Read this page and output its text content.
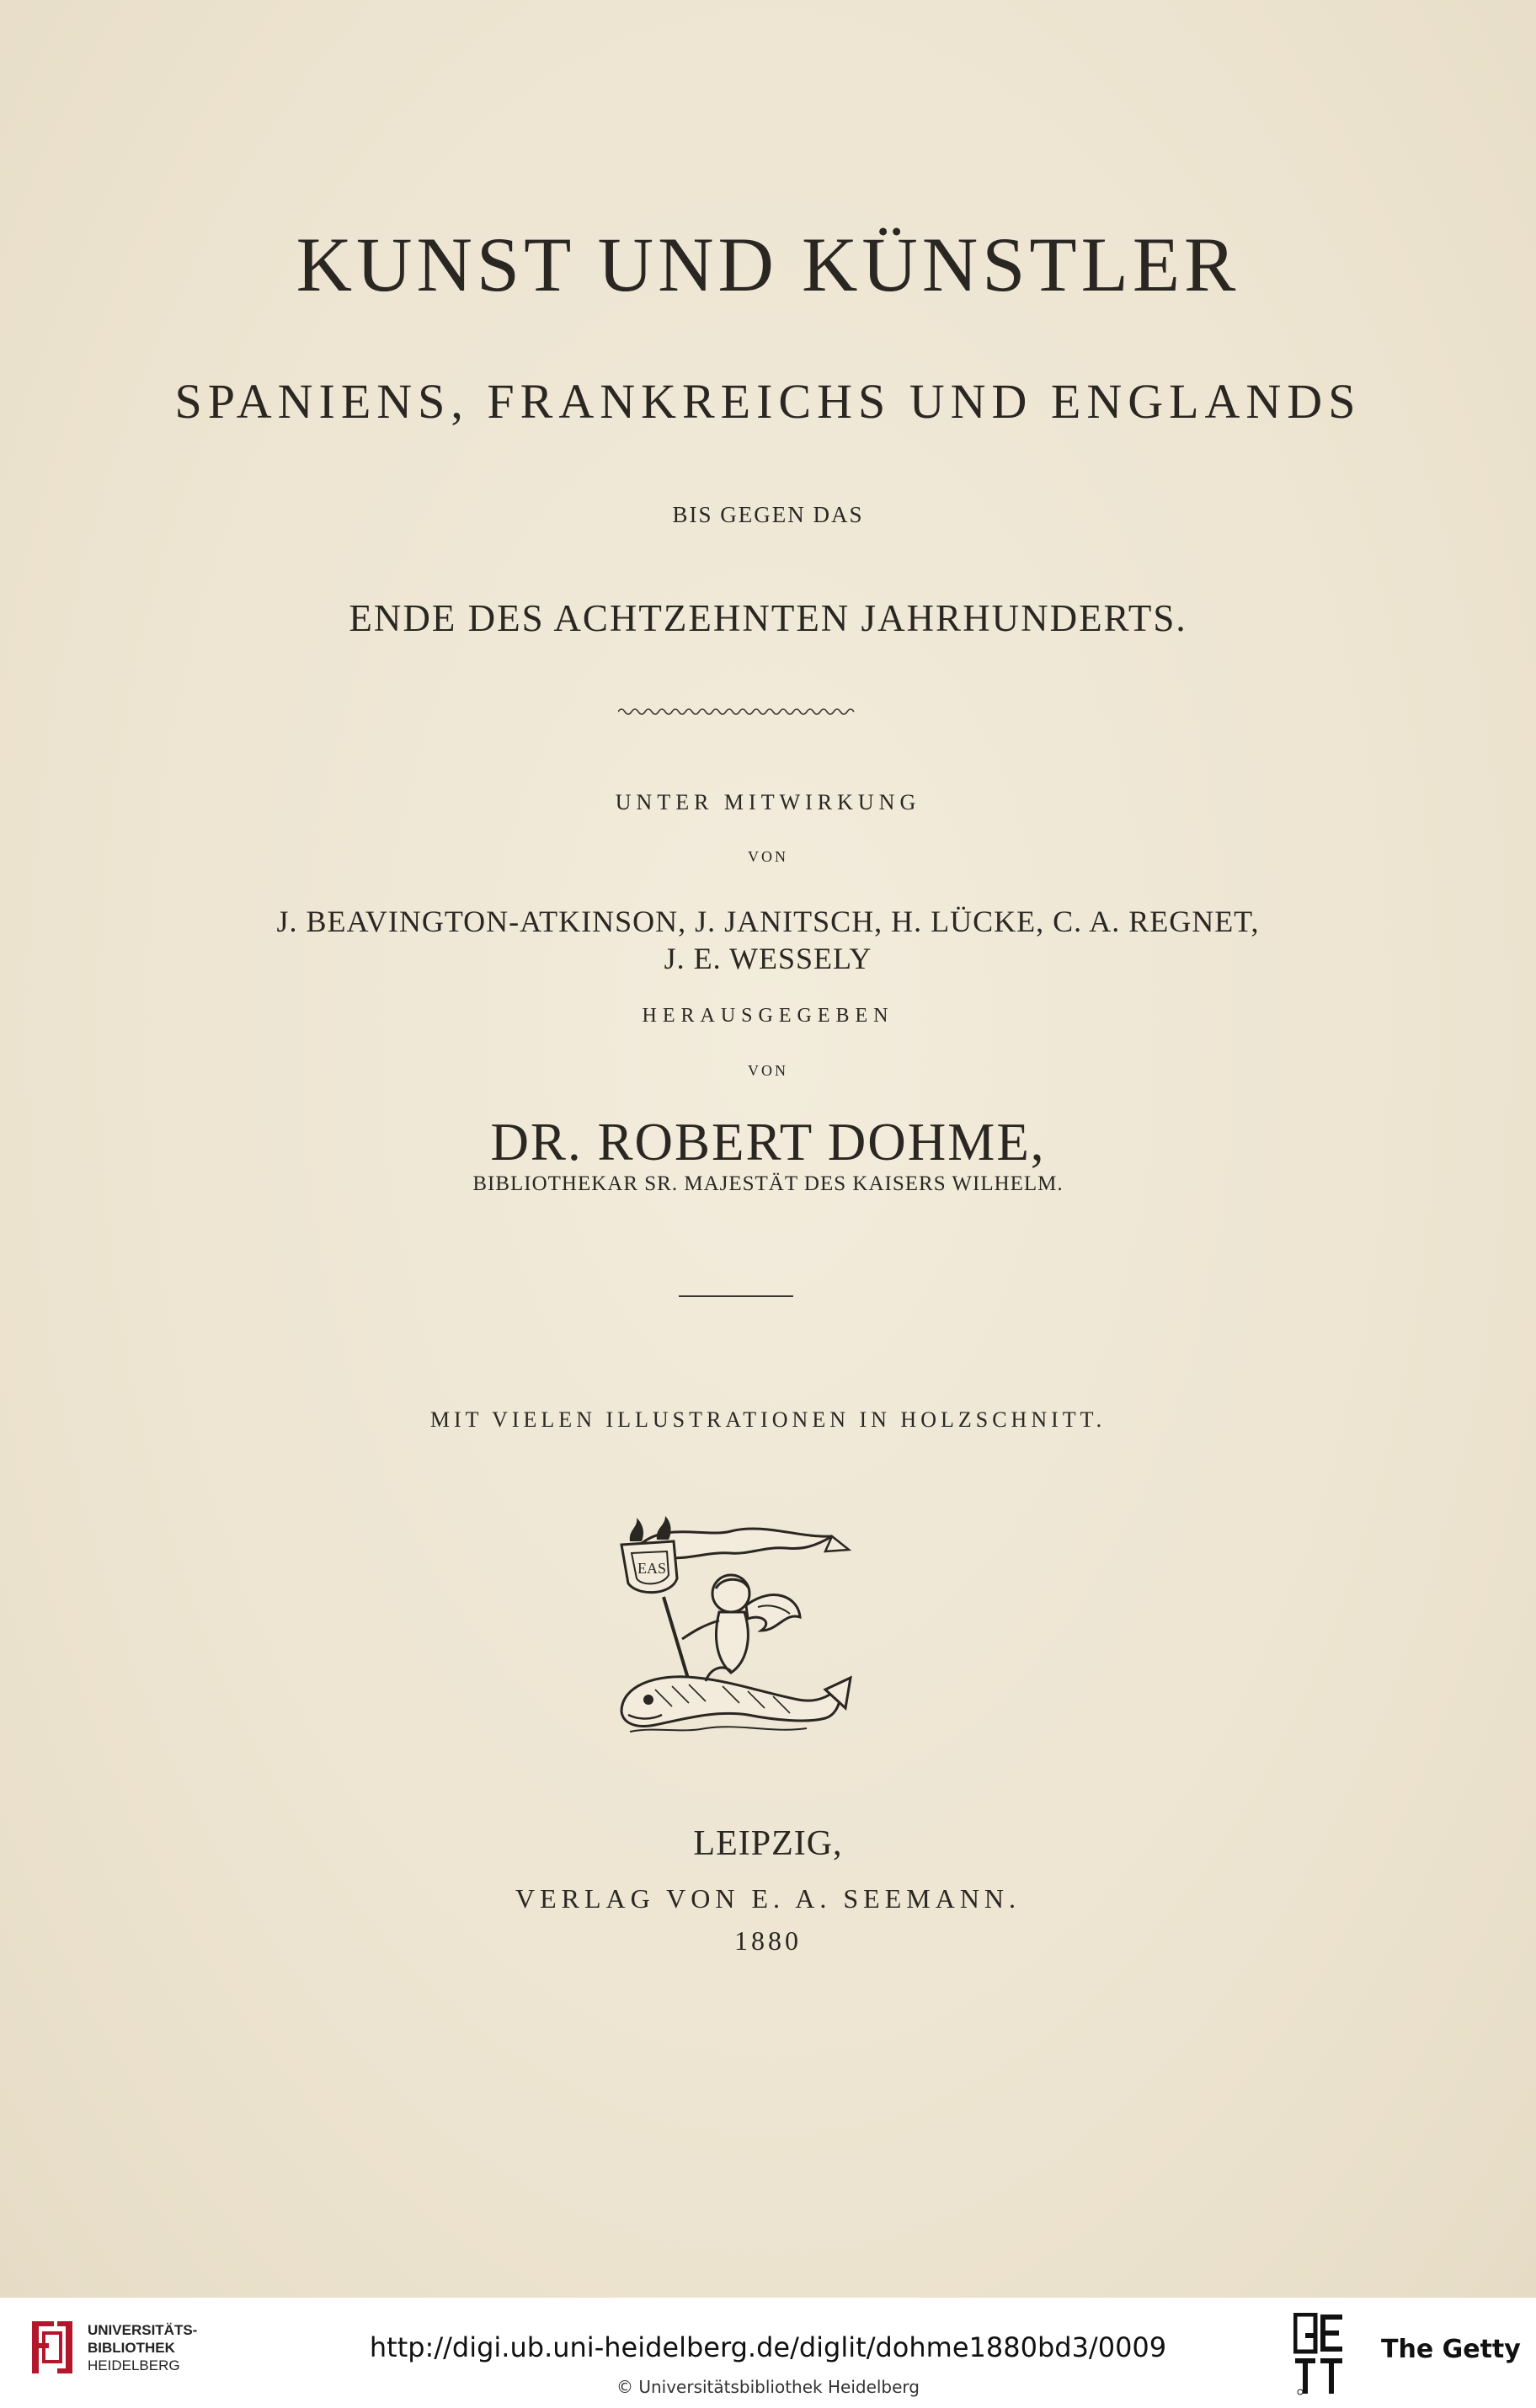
KUNST UND KÜNSTLER

SPANIENS, FRANKREICHS UND ENGLANDS

BIS GEGEN DAS

ENDE DES ACHTZEHNTEN JAHRHUNDERTS.

UNTER MITWIRKUNG

VON

J. BEAVINGTON-ATKINSON, J. JANITSCH, H. LÜCKE, C. A. REGNET,

J. E. WESSELY

HERAUSGEGEBEN

VON

DR. ROBERT DOHME,

BIBLIOTHEKAR SR. MAJESTÄT DES KAISERS WILHELM.

MIT VIELEN ILLUSTRATIONEN IN HOLZSCHNITT.

EAS

LEIPZIG,

VERLAG VON E. A. SEEMANN.

1880

UNIVERSITÄTS-
BIBLIOTHEK
HEIDELBERG
http://digi.ub.uni-heidelberg.de/diglit/dohme1880bd3/0009
© Universitätsbibliothek Heidelberg
The Getty
